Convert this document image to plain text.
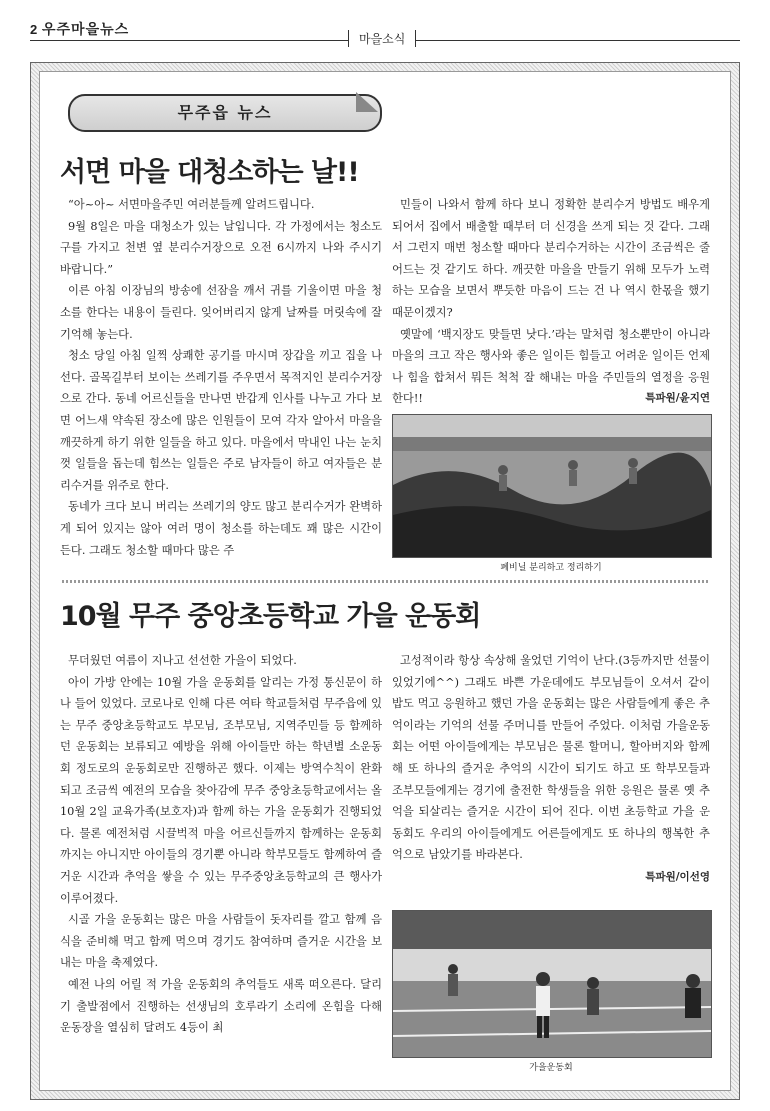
2 우주마을뉴스
마을소식
무주읍 뉴스
서면 마을 대청소하는 날!!

“아~아~ 서면마을주민 여러분들께 알려드립니다.

9월 8일은 마을 대청소가 있는 날입니다. 각 가정에서는 청소도구를 가지고 천변 옆 분리수거장으로 오전 6시까지 나와 주시기 바랍니다.”

이른 아침 이장님의 방송에 선잠을 깨서 귀를 기울이면 마을 청소를 한다는 내용이 들린다. 잊어버리지 않게 날짜를 머릿속에 잘 기억해 놓는다.

청소 당일 아침 일찍 상쾌한 공기를 마시며 장갑을 끼고 집을 나선다. 골목길부터 보이는 쓰레기를 주우면서 목적지인 분리수거장으로 간다. 동네 어르신들을 만나면 반갑게 인사를 나누고 가다 보면 어느새 약속된 장소에 많은 인원들이 모여 각자 알아서 마을을 깨끗하게 하기 위한 일들을 하고 있다. 마을에서 막내인 나는 눈치껏 일들을 돕는데 힘쓰는 일들은 주로 남자들이 하고 여자들은 분리수거를 위주로 한다.

동네가 크다 보니 버리는 쓰레기의 양도 많고 분리수거가 완벽하게 되어 있지는 않아 여러 명이 청소를 하는데도 꽤 많은 시간이 든다. 그래도 청소할 때마다 많은 주

민들이 나와서 함께 하다 보니 정확한 분리수거 방법도 배우게 되어서 집에서 배출할 때부터 더 신경을 쓰게 되는 것 같다. 그래서 그런지 매번 청소할 때마다 분리수거하는 시간이 조금씩은 줄어드는 것 같기도 하다. 깨끗한 마을을 만들기 위해 모두가 노력하는 모습을 보면서 뿌듯한 마음이 드는 건 나 역시 한몫을 했기 때문이겠지?

옛말에 ‘백지장도 맞들면 낫다.’라는 말처럼 청소뿐만이 아니라 마을의 크고 작은 행사와 좋은 일이든 힘들고 어려운 일이든 언제나 힘을 합쳐서 뭐든 척척 잘 해내는 마을 주민들의 열정을 응원한다!!	특파원/윤지연

폐비닐 분리하고 정리하기
10월 무주 중앙초등학교 가을 운동회

무더웠던 여름이 지나고 선선한 가을이 되었다.

아이 가방 안에는 10월 가을 운동회를 알리는 가정 통신문이 하나 들어 있었다. 코로나로 인해 다른 여타 학교들처럼 무주읍에 있는 무주 중앙초등학교도 부모님, 조부모님, 지역주민들 등 함께하던 운동회는 보류되고 예방을 위해 아이들만 하는 학년별 소운동회 정도로의 운동회로만 진행하곤 했다. 이제는 방역수칙이 완화되고 조금씩 예전의 모습을 찾아감에 무주 중앙초등학교에서는 올 10월 2일 교육가족(보호자)과 함께 하는 가을 운동회가 진행되었다. 물론 예전처럼 시끌벅적 마을 어르신들까지 함께하는 운동회까지는 아니지만 아이들의 경기뿐 아니라 학부모들도 함께하여 즐거운 시간과 추억을 쌓을 수 있는 무주중앙초등학교의 큰 행사가 이루어졌다.

시골 가을 운동회는 많은 마을 사람들이 돗자리를 깔고 함께 음식을 준비해 먹고 함께 먹으며 경기도 참여하며 즐거운 시간을 보내는 마을 축제였다.

예전 나의 어릴 적 가을 운동회의 추억들도 새록 떠오른다. 달리기 출발점에서 진행하는 선생님의 호루라기 소리에 온힘을 다해 운동장을 열심히 달려도 4등이 최

고성적이라 항상 속상해 울었던 기억이 난다.(3등까지만 선물이 있었기에^^) 그래도 바쁜 가운데에도 부모님들이 오셔서 같이 밥도 먹고 응원하고 했던 가을 운동회는 많은 사람들에게 좋은 추억이라는 기억의 선물 주머니를 만들어 주었다. 이처럼 가을운동회는 어떤 아이들에게는 부모님은 물론 할머니, 할아버지와 함께해 또 하나의 즐거운 추억의 시간이 되기도 하고 또 학부모들과 조부모들에게는 경기에 출전한 학생들을 위한 응원은 물론 옛 추억을 되살리는 즐거운 시간이 되어 진다. 이번 초등학교 가을 운동회도 우리의 아이들에게도 어른들에게도 또 하나의 행복한 추억으로 남았기를 바라본다.

특파원/이선영
가을운동회
